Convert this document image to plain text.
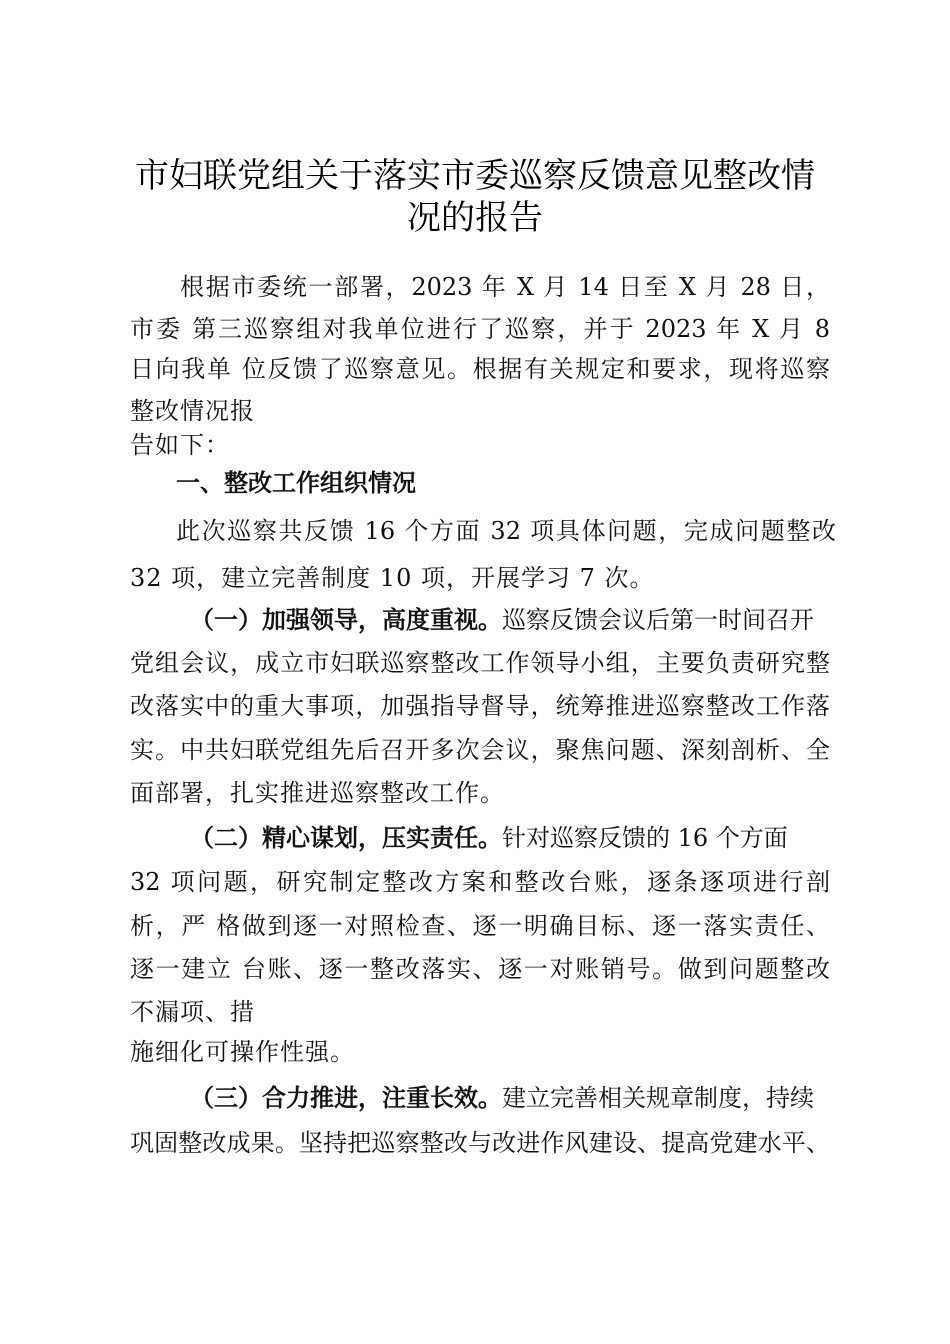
市妇联党组关于落实市委巡察反馈意见整改情
况的报告
根据市委统一部署，2023 年 X 月 14 日至 X 月 28 日，
市委 第三巡察组对我单位进行了巡察，并于 2023 年 X 月 8
日向我单 位反馈了巡察意见。根据有关规定和要求，现将巡察
整改情况报
告如下：
一、整改工作组织情况
此次巡察共反馈 16 个方面 32 项具体问题，完成问题整改
32 项，建立完善制度 10 项，开展学习 7 次。
（一）加强领导，高度重视。巡察反馈会议后第一时间召开
党组会议，成立市妇联巡察整改工作领导小组，主要负责研究整
改落实中的重大事项，加强指导督导，统筹推进巡察整改工作落
实。中共妇联党组先后召开多次会议，聚焦问题、深刻剖析、全
面部署，扎实推进巡察整改工作。
（二）精心谋划，压实责任。针对巡察反馈的 16 个方面
32 项问题，研究制定整改方案和整改台账，逐条逐项进行剖
析，严 格做到逐一对照检查、逐一明确目标、逐一落实责任、
逐一建立 台账、逐一整改落实、逐一对账销号。做到问题整改
不漏项、措
施细化可操作性强。
（三）合力推进，注重长效。建立完善相关规章制度，持续
巩固整改成果。坚持把巡察整改与改进作风建设、提高党建水平、
